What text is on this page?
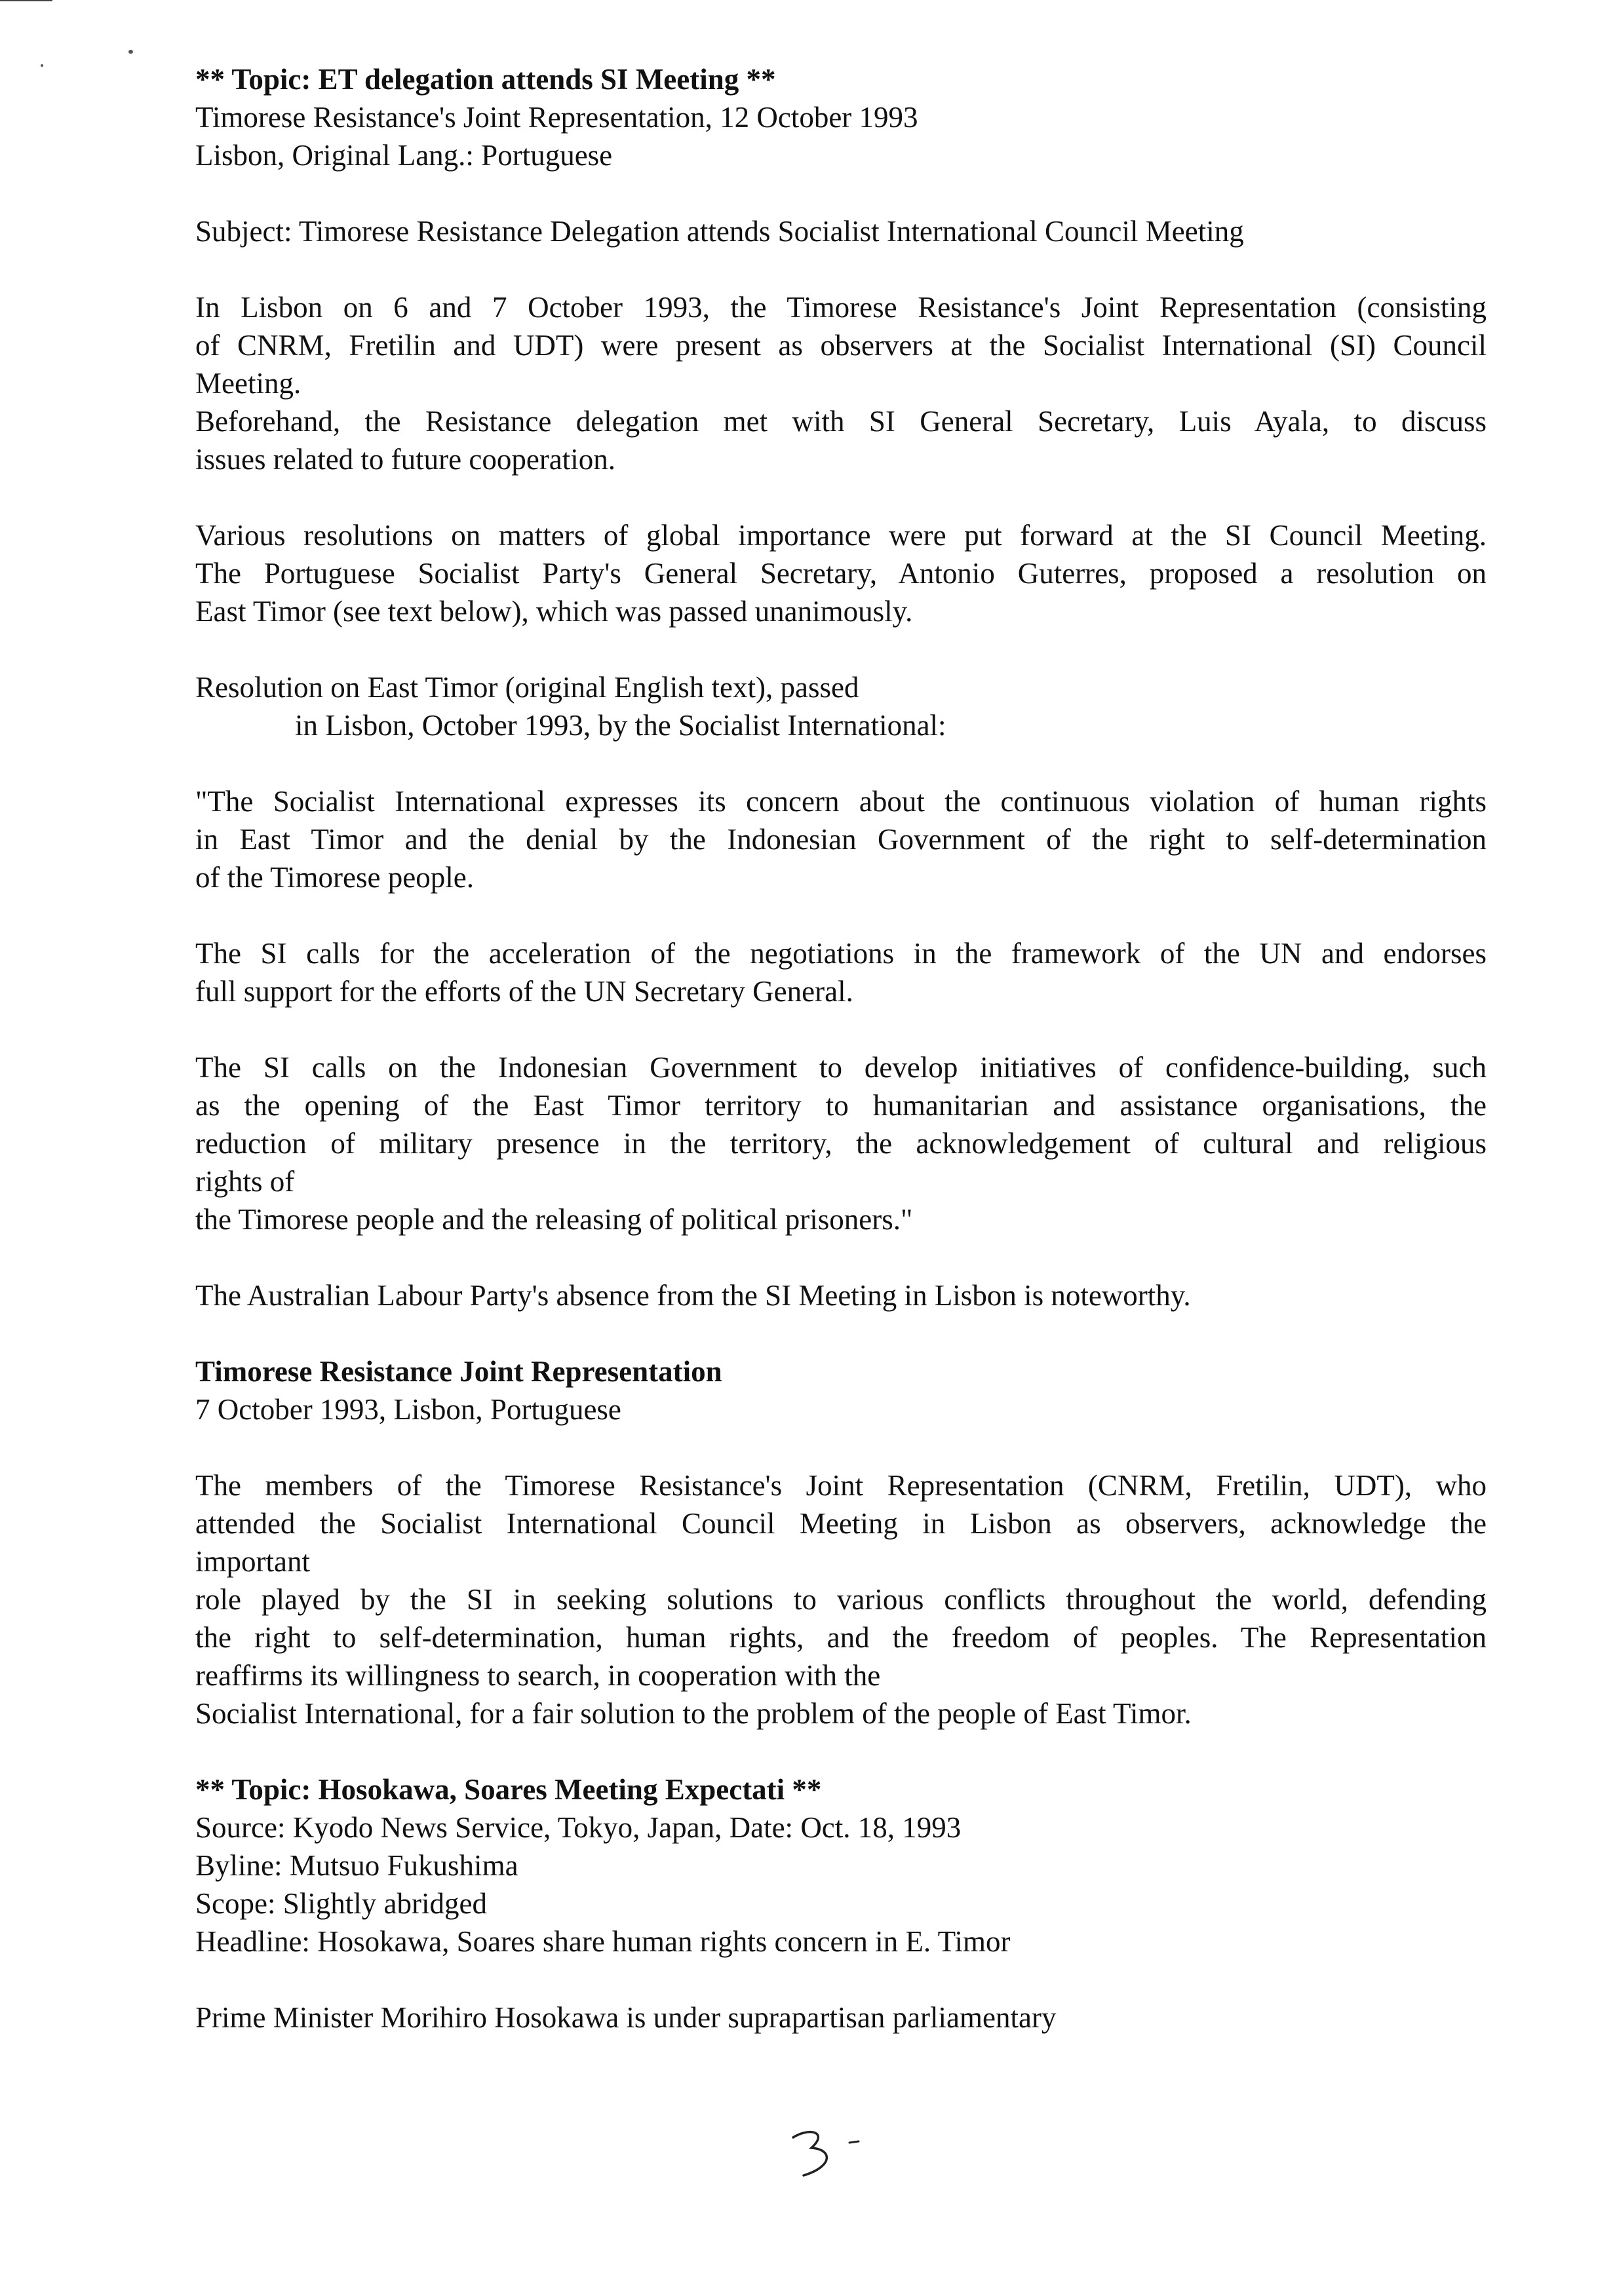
** Topic: ET delegation attends SI Meeting **
Timorese Resistance's Joint Representation, 12 October 1993
Lisbon, Original Lang.: Portuguese
Subject: Timorese Resistance Delegation attends Socialist International Council Meeting
In Lisbon on 6 and 7 October 1993, the Timorese Resistance's Joint Representation (consisting
of CNRM, Fretilin and UDT) were present as observers at the Socialist International (SI) Council
Meeting.
Beforehand, the Resistance delegation met with SI General Secretary, Luis Ayala, to discuss
issues related to future cooperation.
Various resolutions on matters of global importance were put forward at the SI Council Meeting.
The Portuguese Socialist Party's General Secretary, Antonio Guterres, proposed a resolution on
East Timor (see text below), which was passed unanimously.
Resolution on East Timor (original English text), passed
in Lisbon, October 1993, by the Socialist International:
"The Socialist International expresses its concern about the continuous violation of human rights
in East Timor and the denial by the Indonesian Government of the right to self-determination
of the Timorese people.
The SI calls for the acceleration of the negotiations in the framework of the UN and endorses
full support for the efforts of the UN Secretary General.
The SI calls on the Indonesian Government to develop initiatives of confidence-building, such
as the opening of the East Timor territory to humanitarian and assistance organisations, the
reduction of military presence in the territory, the acknowledgement of cultural and religious
rights of
the Timorese people and the releasing of political prisoners."
The Australian Labour Party's absence from the SI Meeting in Lisbon is noteworthy.
Timorese Resistance Joint Representation
7 October 1993, Lisbon, Portuguese
The members of the Timorese Resistance's Joint Representation (CNRM, Fretilin, UDT), who
attended the Socialist International Council Meeting in Lisbon as observers, acknowledge the
important
role played by the SI in seeking solutions to various conflicts throughout the world, defending
the right to self-determination, human rights, and the freedom of peoples. The Representation
reaffirms its willingness to search, in cooperation with the
Socialist International, for a fair solution to the problem of the people of East Timor.
** Topic: Hosokawa, Soares Meeting Expectati **
Source: Kyodo News Service, Tokyo, Japan, Date: Oct. 18, 1993
Byline: Mutsuo Fukushima
Scope: Slightly abridged
Headline: Hosokawa, Soares share human rights concern in E. Timor
Prime Minister Morihiro Hosokawa is under suprapartisan parliamentary
